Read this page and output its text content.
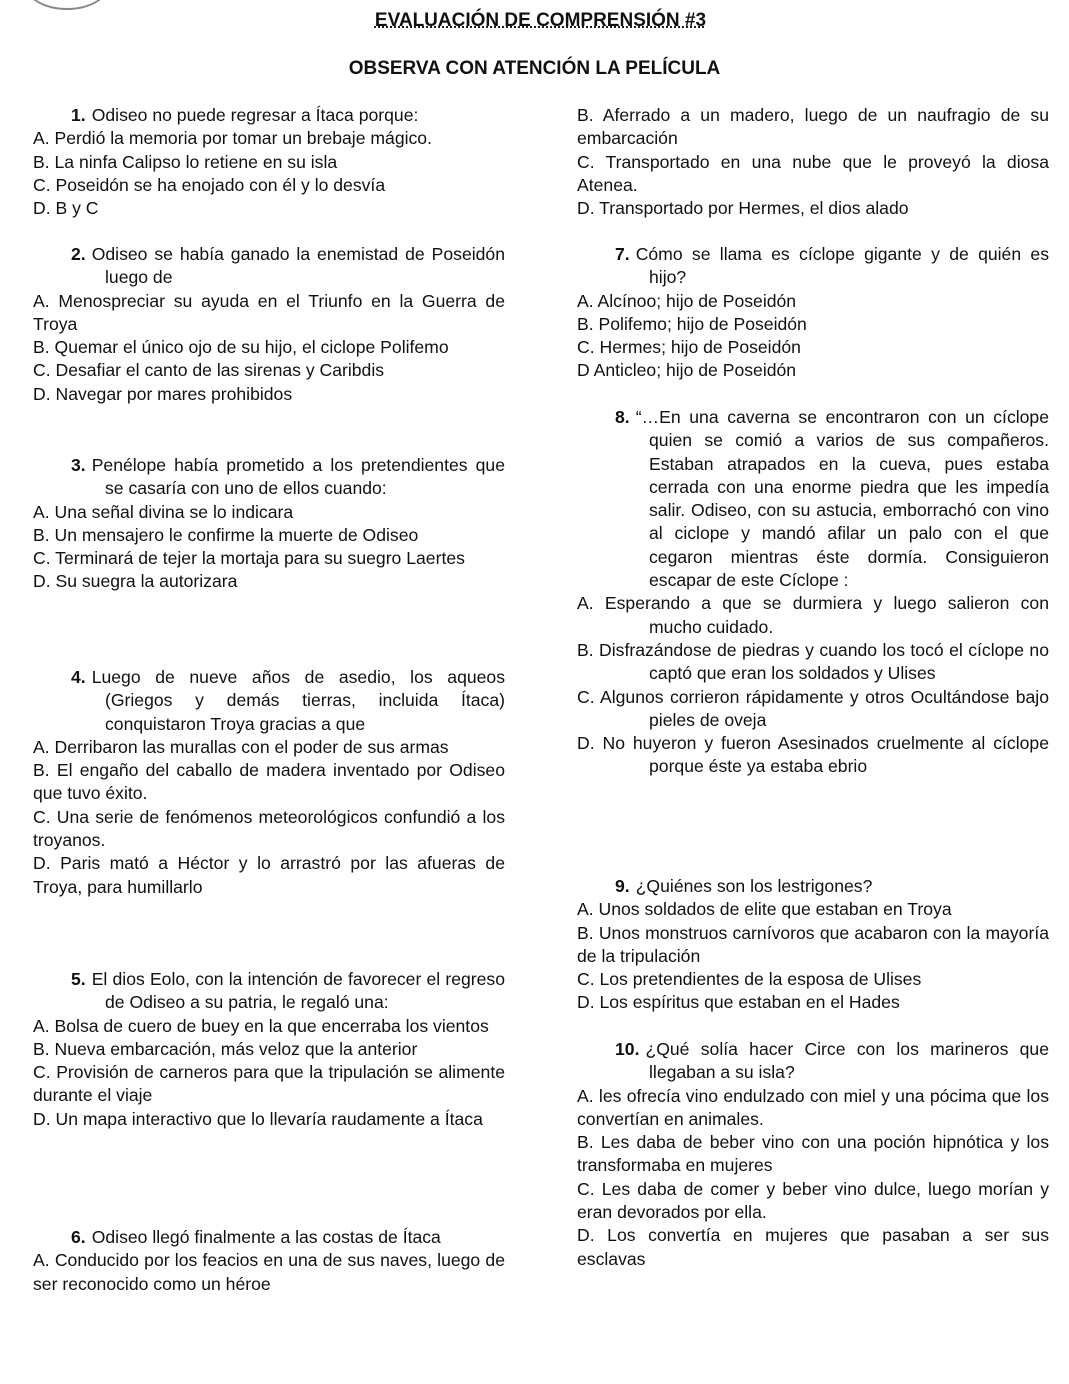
EVALUACIÓN DE COMPRENSIÓN #3
OBSERVA CON ATENCIÓN LA PELÍCULA
1. Odiseo no puede regresar a Ítaca porque:
A. Perdió la memoria por tomar un brebaje mágico.
B. La ninfa Calipso lo retiene en su isla
C. Poseidón se ha enojado con él y lo desvía
D. B y C
2. Odiseo se había ganado la enemistad de Poseidón luego de
A. Menospreciar su ayuda en el Triunfo en la Guerra de Troya
B. Quemar el único ojo de su hijo, el ciclope Polifemo
C. Desafiar el canto de las sirenas y Caribdis
D. Navegar por mares prohibidos
3. Penélope había prometido a los pretendientes que se casaría con uno de ellos cuando:
A. Una señal divina se lo indicara
B. Un mensajero le confirme la muerte de Odiseo
C. Terminará de tejer la mortaja para su suegro Laertes
D. Su suegra la autorizara
4. Luego de nueve años de asedio, los aqueos (Griegos y demás tierras, incluida Ítaca) conquistaron Troya gracias a que
A. Derribaron las murallas con el poder de sus armas
B. El engaño del caballo de madera inventado por Odiseo que tuvo éxito.
C. Una serie de fenómenos meteorológicos confundió a los troyanos.
D. Paris mató a Héctor y lo arrastró por las afueras de Troya, para humillarlo
5. El dios Eolo, con la intención de favorecer el regreso de Odiseo a su patria, le regaló una:
A. Bolsa de cuero de buey en la que encerraba los vientos
B. Nueva embarcación, más veloz que la anterior
C. Provisión de carneros para que la tripulación se alimente durante el viaje
D. Un mapa interactivo que lo llevaría raudamente a Ítaca
6. Odiseo llegó finalmente a las costas de Ítaca
A. Conducido por los feacios en una de sus naves, luego de ser reconocido como un héroe
B. Aferrado a un madero, luego de un naufragio de su embarcación
C. Transportado en una nube que le proveyó la diosa Atenea.
D. Transportado por Hermes, el dios alado
7. Cómo se llama es cíclope gigante y de quién es hijo?
A. Alcínoo; hijo de Poseidón
B. Polifemo; hijo de Poseidón
C. Hermes; hijo de Poseidón
D Anticleo; hijo de Poseidón
8. “…En una caverna se encontraron con un cíclope quien se comió a varios de sus compañeros. Estaban atrapados en la cueva, pues estaba cerrada con una enorme piedra que les impedía salir. Odiseo, con su astucia, emborrachó con vino al ciclope y mandó afilar un palo con el que cegaron mientras éste dormía. Consiguieron escapar de este Cíclope :
A. Esperando a que se durmiera y luego salieron con mucho cuidado.
B. Disfrazándose de piedras y cuando los tocó el cíclope no captó que eran los soldados y Ulises
C. Algunos corrieron rápidamente y otros Ocultándose bajo pieles de oveja
D. No huyeron y fueron Asesinados cruelmente al cíclope porque éste ya estaba ebrio
9. ¿Quiénes son los lestrigones?
A. Unos soldados de elite que estaban en Troya
B. Unos monstruos carnívoros que acabaron con la mayoría de la tripulación
C. Los pretendientes de la esposa de Ulises
D. Los espíritus que estaban en el Hades
10. ¿Qué solía hacer Circe con los marineros que llegaban a su isla?
A. les ofrecía vino endulzado con miel y una pócima que los convertían en animales.
B. Les daba de beber vino con una poción hipnótica y los transformaba en mujeres
C. Les daba de comer y beber vino dulce, luego morían y eran devorados por ella.
D. Los convertía en mujeres que pasaban a ser sus esclavas
